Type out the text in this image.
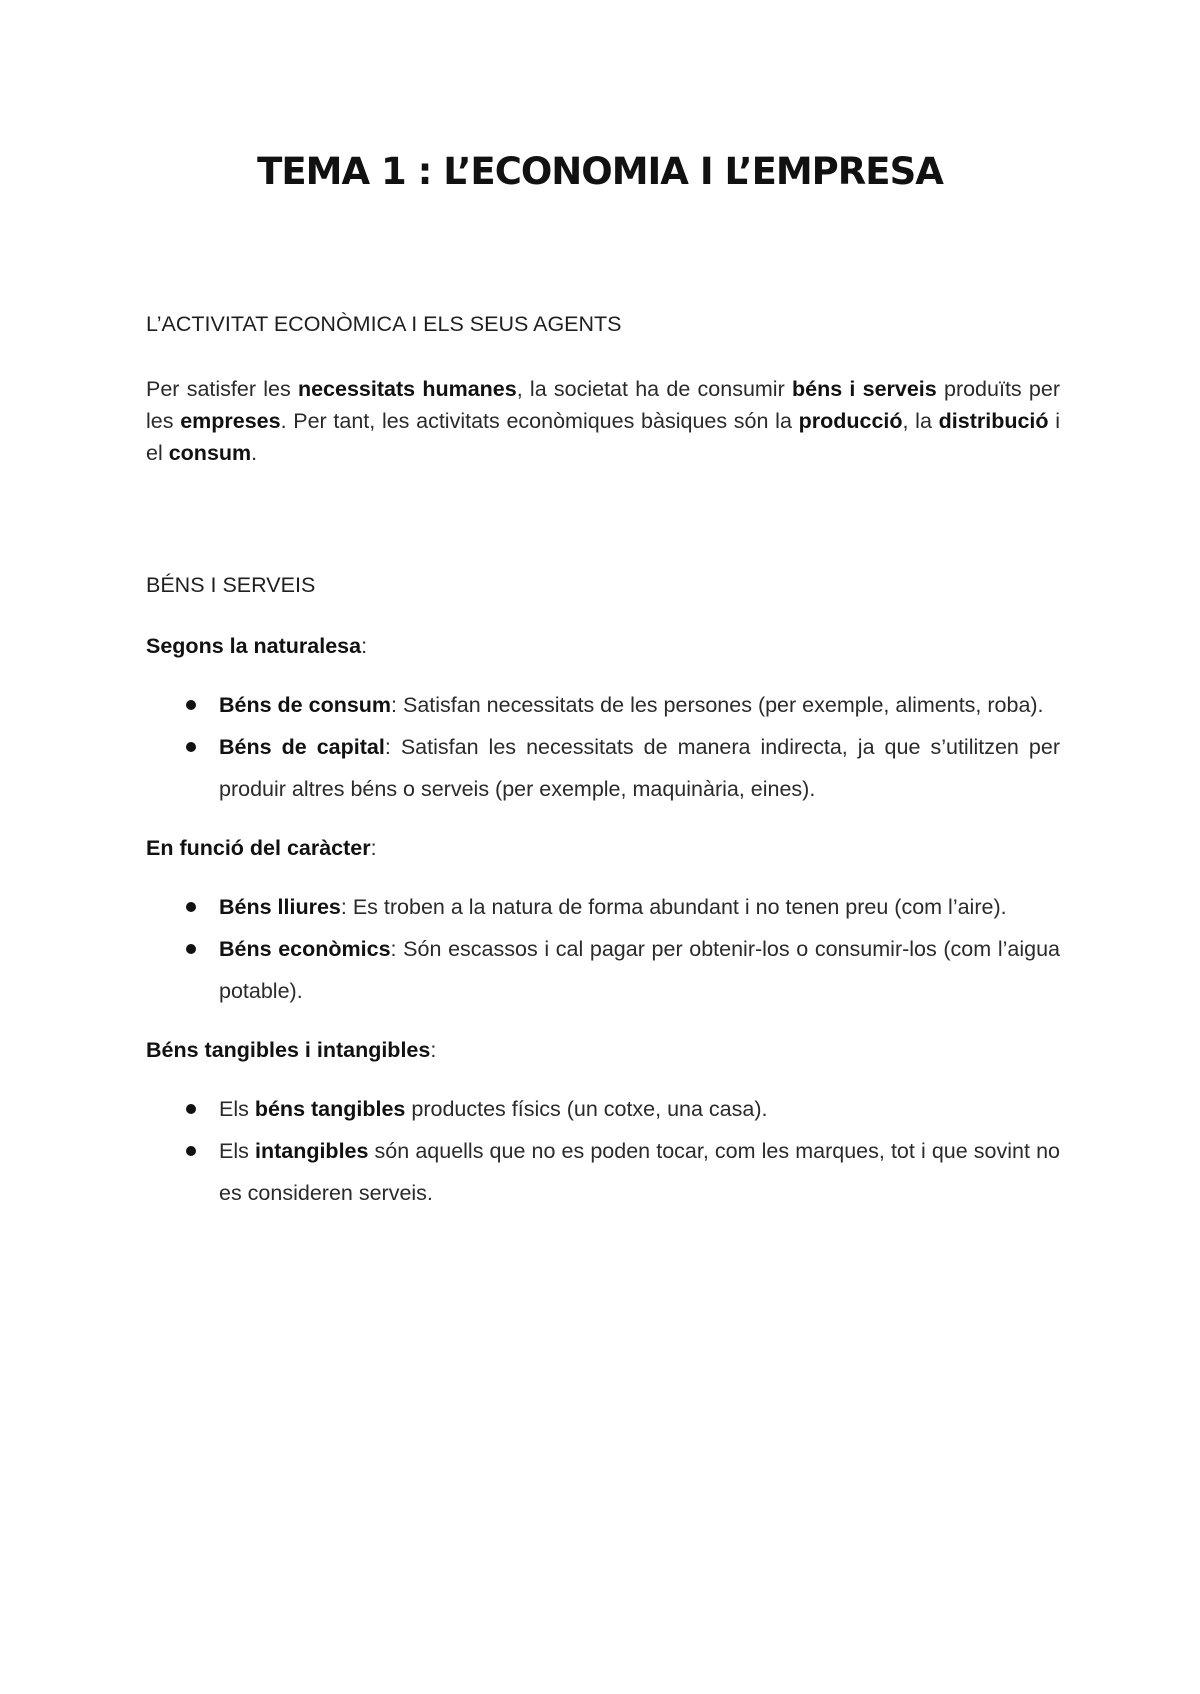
TEMA 1 : L’ECONOMIA I L’EMPRESA
L’ACTIVITAT ECONÒMICA I ELS SEUS AGENTS

Per satisfer les necessitats humanes, la societat ha de consumir béns i serveis produïts per les empreses. Per tant, les activitats econòmiques bàsiques són la producció, la distribució i el consum.

BÉNS I SERVEIS

Segons la naturalesa:

Béns de consum: Satisfan necessitats de les persones (per exemple, aliments, roba).
Béns de capital: Satisfan les necessitats de manera indirecta, ja que s’utilitzen per produir altres béns o serveis (per exemple, maquinària, eines).

En funció del caràcter:

Béns lliures: Es troben a la natura de forma abundant i no tenen preu (com l’aire).
Béns econòmics: Són escassos i cal pagar per obtenir-los o consumir-los (com l’aigua potable).

Béns tangibles i intangibles:

Els béns tangibles productes físics (un cotxe, una casa).
Els intangibles són aquells que no es poden tocar, com les marques, tot i que sovint no es consideren serveis.
